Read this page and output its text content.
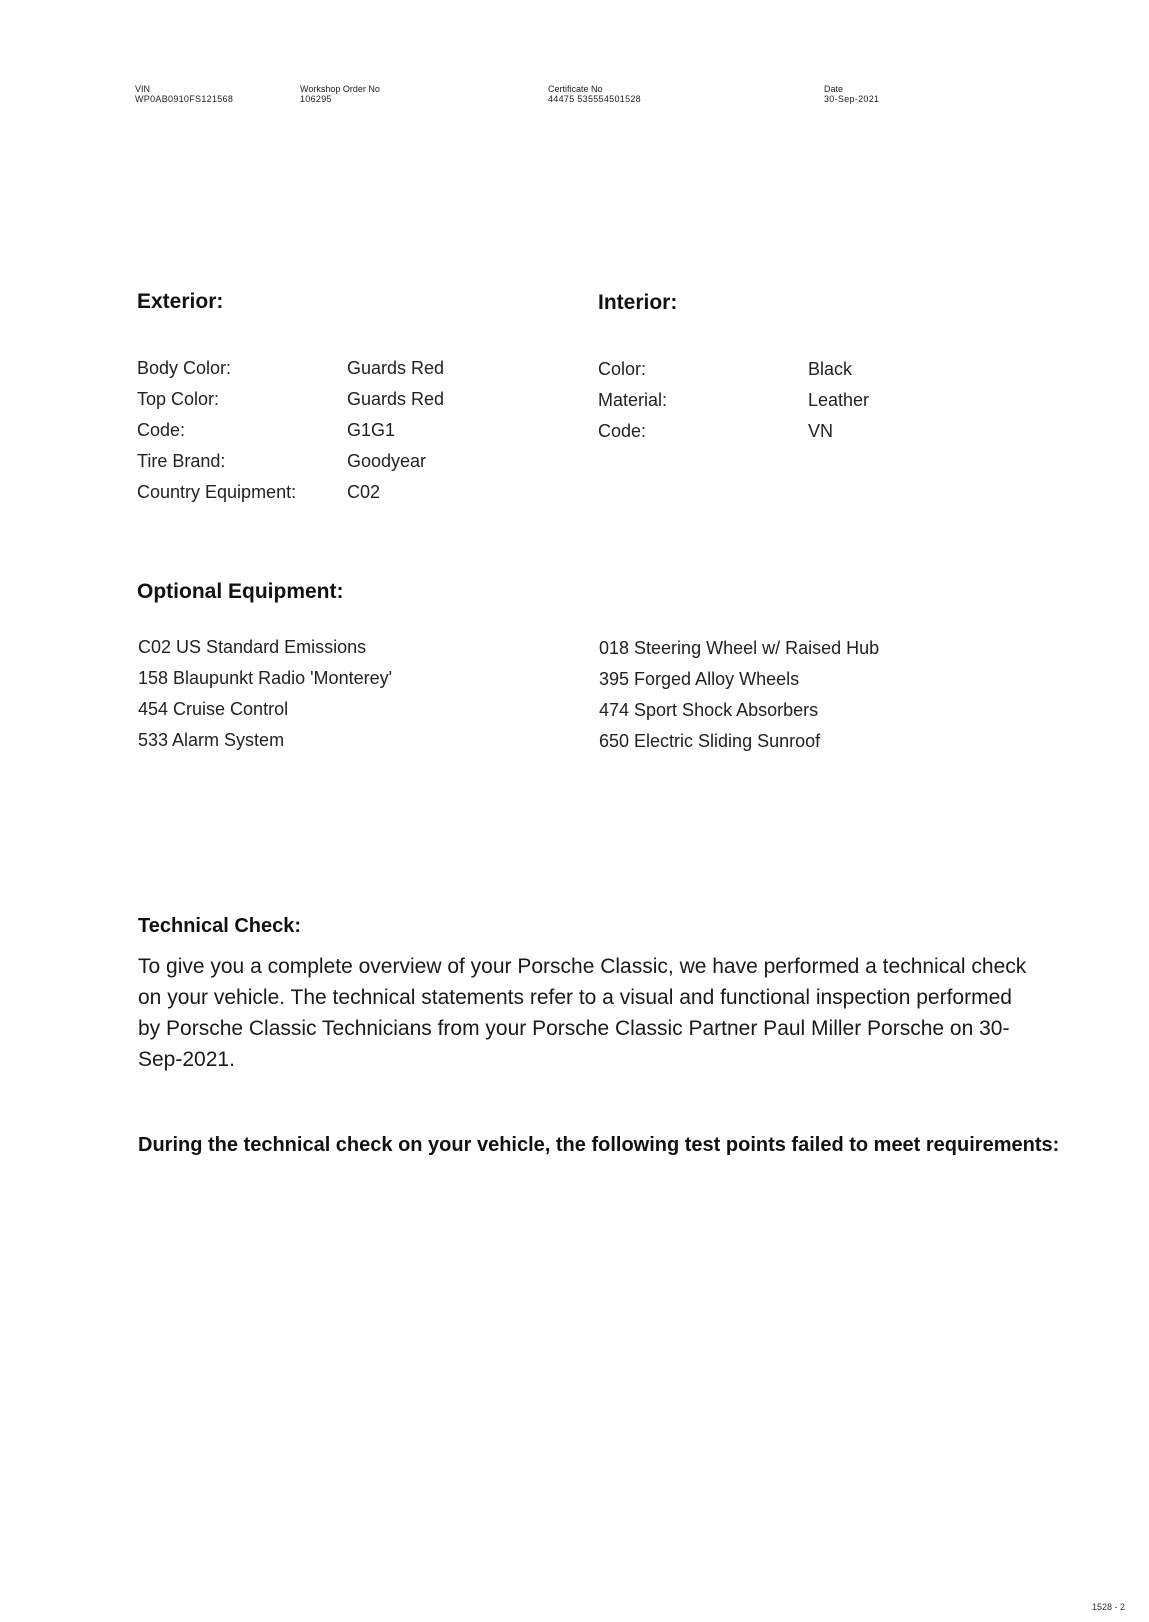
VIN
WP0AB0910FS121568
Workshop Order No
106295
Certificate No
44475 535554501528
Date
30-Sep-2021
Exterior:
Body Color:	Guards Red
Top Color:	Guards Red
Code:	G1G1
Tire Brand:	Goodyear
Country Equipment:	C02
Interior:
Color:	Black
Material:	Leather
Code:	VN
Optional Equipment:
C02 US Standard Emissions
158 Blaupunkt Radio 'Monterey'
454 Cruise Control
533 Alarm System
018 Steering Wheel w/ Raised Hub
395 Forged Alloy Wheels
474 Sport Shock Absorbers
650 Electric Sliding Sunroof
Technical Check:
To give you a complete overview of your Porsche Classic, we have performed a technical check on your vehicle. The technical statements refer to a visual and functional inspection performed by Porsche Classic Technicians from your Porsche Classic Partner Paul Miller Porsche on 30-Sep-2021.
During the technical check on your vehicle, the following test points failed to meet requirements:
1528 - 2
